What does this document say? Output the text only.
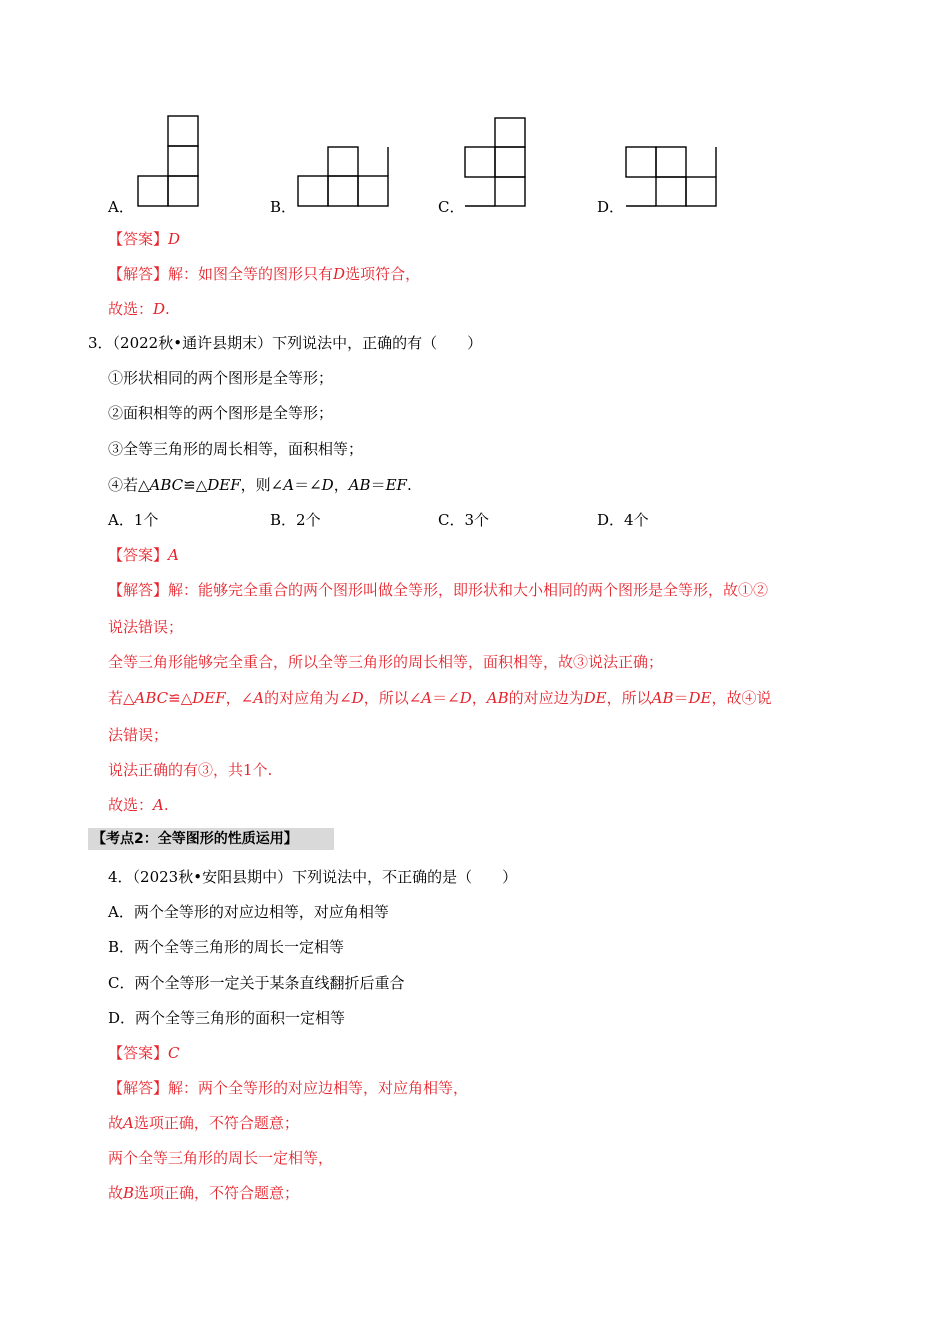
A．	B．	C．	D．
【答案】D
【解答】解：如图全等的图形只有D选项符合，
故选：D.
3．（2022秋•通许县期末）下列说法中，正确的有（　　）
①形状相同的两个图形是全等形；
②面积相等的两个图形是全等形；
③全等三角形的周长相等，面积相等；
④若△ABC≌△DEF，则∠A＝∠D，AB＝EF.
A．1个	B．2个	C．3个	D．4个
【答案】A
【解答】解：能够完全重合的两个图形叫做全等形，即形状和大小相同的两个图形是全等形，故①②
说法错误；
全等三角形能够完全重合，所以全等三角形的周长相等，面积相等，故③说法正确；
若△ABC≌△DEF，∠A的对应角为∠D，所以∠A＝∠D，AB的对应边为DE，所以AB＝DE，故④说
法错误；
说法正确的有③，共1个.
故选：A.
【考点2：全等图形的性质运用】
4．（2023秋•安阳县期中）下列说法中，不正确的是（　　）
A．两个全等形的对应边相等，对应角相等
B．两个全等三角形的周长一定相等
C．两个全等形一定关于某条直线翻折后重合
D．两个全等三角形的面积一定相等
【答案】C
【解答】解：两个全等形的对应边相等，对应角相等，
故A选项正确，不符合题意；
两个全等三角形的周长一定相等，
故B选项正确，不符合题意；
